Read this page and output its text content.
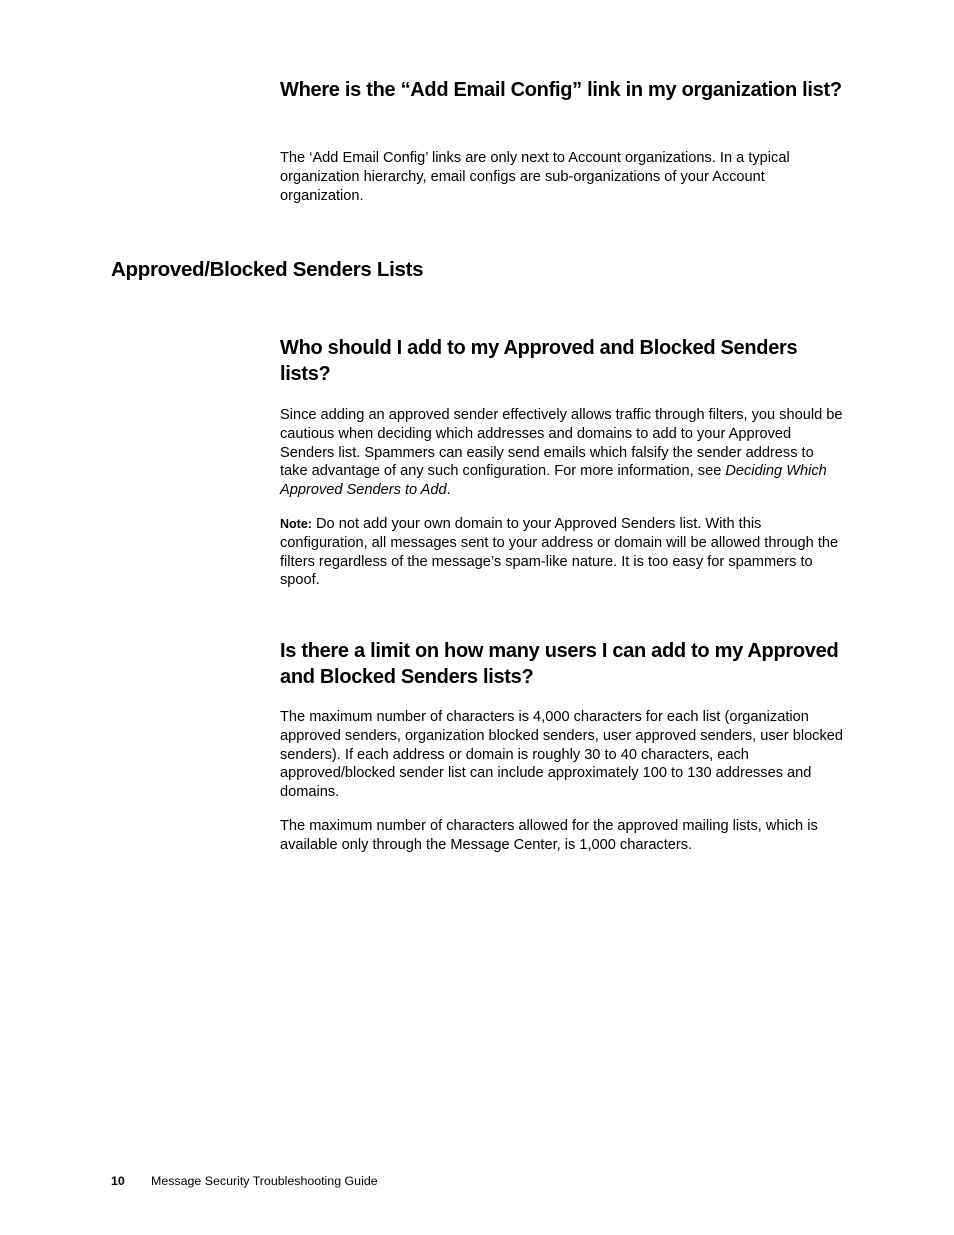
Where is the “Add Email Config” link in my organization list?

The ‘Add Email Config’ links are only next to Account organizations. In a typical organization hierarchy, email configs are sub-organizations of your Account organization.

Approved/Blocked Senders Lists
Who should I add to my Approved and Blocked Senders lists?

Since adding an approved sender effectively allows traffic through filters, you should be cautious when deciding which addresses and domains to add to your Approved Senders list. Spammers can easily send emails which falsify the sender address to take advantage of any such configuration. For more information, see Deciding Which Approved Senders to Add.

Note: Do not add your own domain to your Approved Senders list. With this configuration, all messages sent to your address or domain will be allowed through the filters regardless of the message’s spam-like nature. It is too easy for spammers to spoof.

Is there a limit on how many users I can add to my Approved and Blocked Senders lists?

The maximum number of characters is 4,000 characters for each list (organization approved senders, organization blocked senders, user approved senders, user blocked senders). If each address or domain is roughly 30 to 40 characters, each approved/blocked sender list can include approximately 100 to 130 addresses and domains.

The maximum number of characters allowed for the approved mailing lists, which is available only through the Message Center, is 1,000 characters.

10 Message Security Troubleshooting Guide
